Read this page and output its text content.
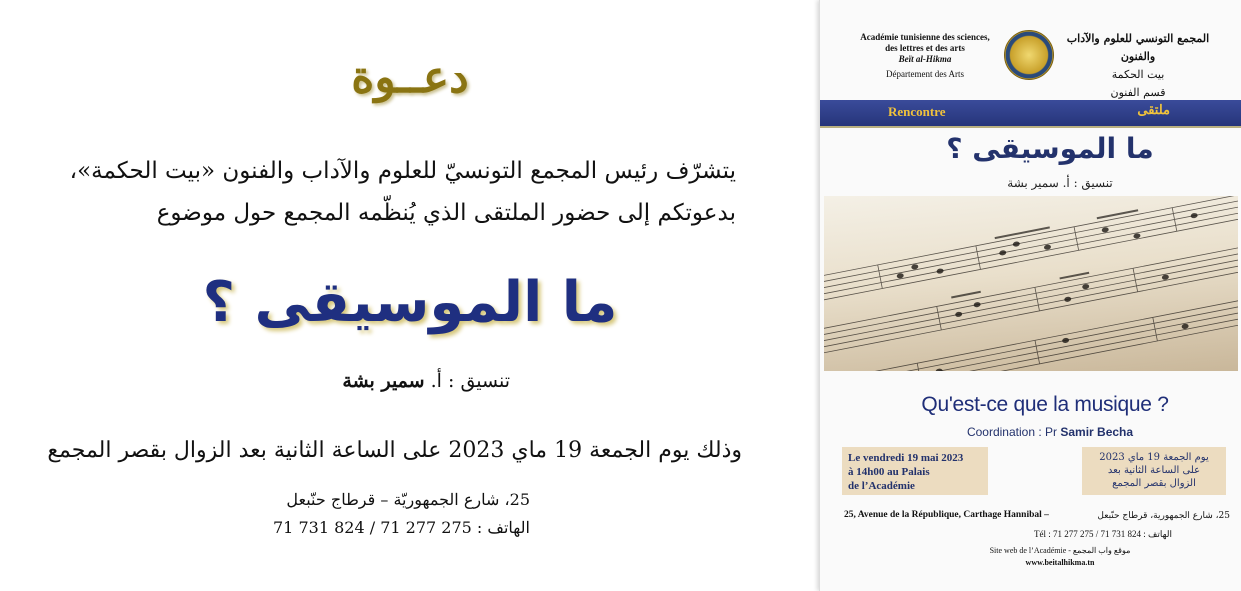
دعــوة
يتشرّف رئيس المجمع التونسيّ للعلوم والآداب والفنون «بيت الحكمة»،
بدعوتكم إلى حضور الملتقى الذي يُنظّمه المجمع حول موضوع
ما الموسيقى ؟
تنسيق : أ. سمير بشة
وذلك يوم الجمعة 19 ماي 2023 على الساعة الثانية بعد الزوال بقصر المجمع
25، شارع الجمهوريّة – قرطاج حنّبعل
الهاتف : 275 277 71 / 824 731 71
Académie tunisienne des sciences,
des lettres et des arts
Beït al-Hikma
Département des Arts
المجمع التونسي للعلوم والآداب والفنون
بيت الحكمة
قسم الفنون
Rencontre	ملتقى
ما الموسيقى ؟
تنسيق : أ. سمير بشة
Qu'est-ce que la musique ?
Coordination : Pr Samir Becha
Le vendredi 19 mai 2023
à 14h00 au Palais
de l’Académie
يوم الجمعة 19 ماي 2023
على الساعة الثانية بعد
الزوال بقصر المجمع
25, Avenue de la République, Carthage Hannibal –	25، شارع الجمهورية، قرطاج حنّبعل
Tél : 71 277 275 / 71 731 824 : الهاتف
Site web de l’Académie - موقع واب المجمع
www.beitalhikma.tn
